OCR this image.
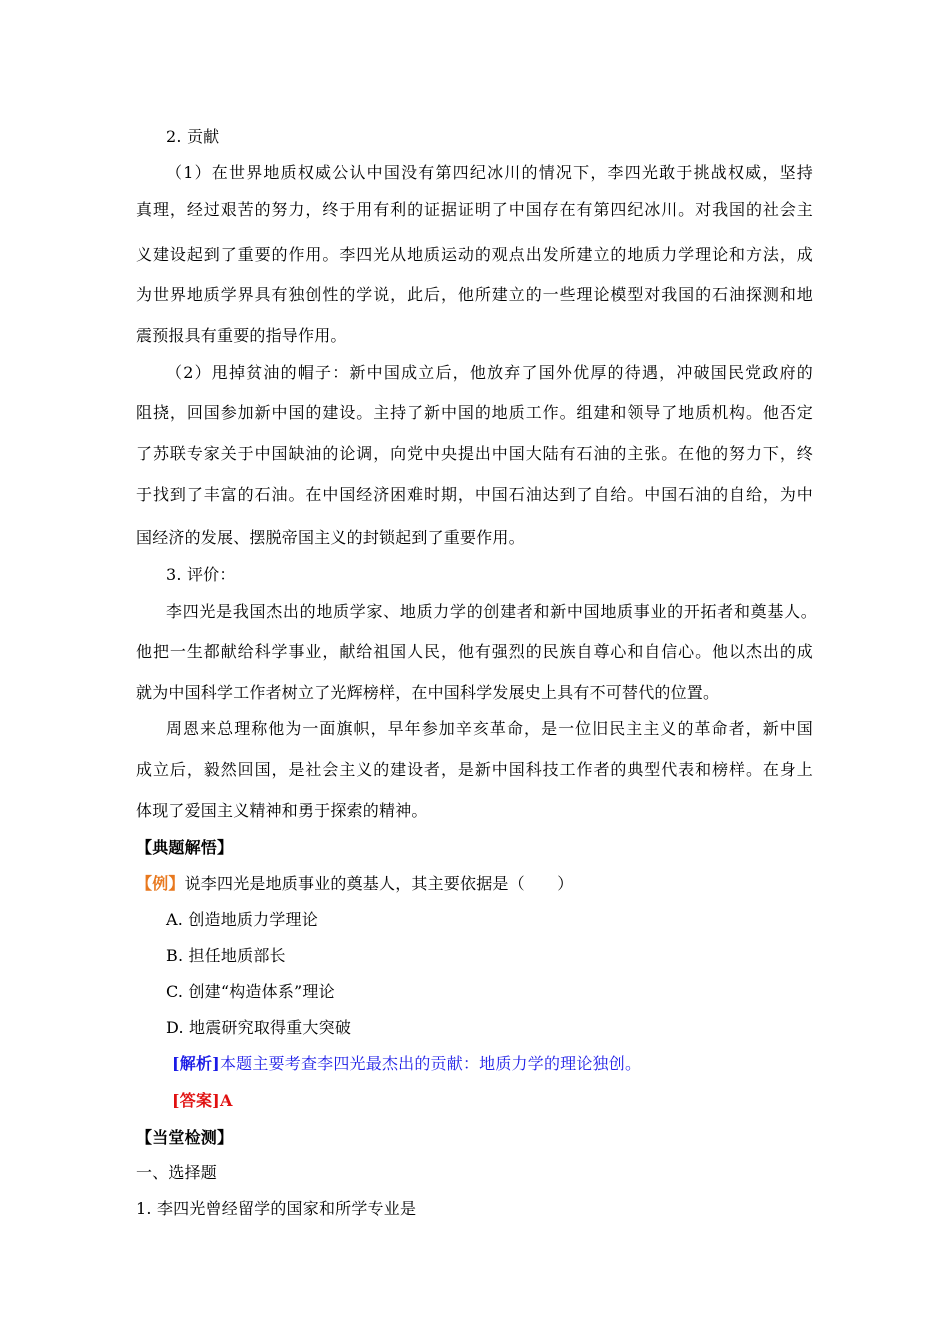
2. 贡献
（1）在世界地质权威公认中国没有第四纪冰川的情况下，李四光敢于挑战权威，坚持
真理，经过艰苦的努力，终于用有利的证据证明了中国存在有第四纪冰川。对我国的社会主
义建设起到了重要的作用。李四光从地质运动的观点出发所建立的地质力学理论和方法，成
为世界地质学界具有独创性的学说，此后，他所建立的一些理论模型对我国的石油探测和地
震预报具有重要的指导作用。
（2）甩掉贫油的帽子：新中国成立后，他放弃了国外优厚的待遇，冲破国民党政府的
阻挠，回国参加新中国的建设。主持了新中国的地质工作。组建和领导了地质机构。他否定
了苏联专家关于中国缺油的论调，向党中央提出中国大陆有石油的主张。在他的努力下，终
于找到了丰富的石油。在中国经济困难时期，中国石油达到了自给。中国石油的自给，为中
国经济的发展、摆脱帝国主义的封锁起到了重要作用。
3. 评价：
李四光是我国杰出的地质学家、地质力学的创建者和新中国地质事业的开拓者和奠基人。
他把一生都献给科学事业，献给祖国人民，他有强烈的民族自尊心和自信心。他以杰出的成
就为中国科学工作者树立了光辉榜样，在中国科学发展史上具有不可替代的位置。
周恩来总理称他为一面旗帜，早年参加辛亥革命，是一位旧民主主义的革命者，新中国
成立后，毅然回国，是社会主义的建设者，是新中国科技工作者的典型代表和榜样。在身上
体现了爱国主义精神和勇于探索的精神。
【典题解悟】
【例】说李四光是地质事业的奠基人，其主要依据是（　　）
A. 创造地质力学理论
B. 担任地质部长
C. 创建“构造体系”理论
D. 地震研究取得重大突破
[解析]本题主要考查李四光最杰出的贡献：地质力学的理论独创。
[答案]A
【当堂检测】
一、选择题
1. 李四光曾经留学的国家和所学专业是
